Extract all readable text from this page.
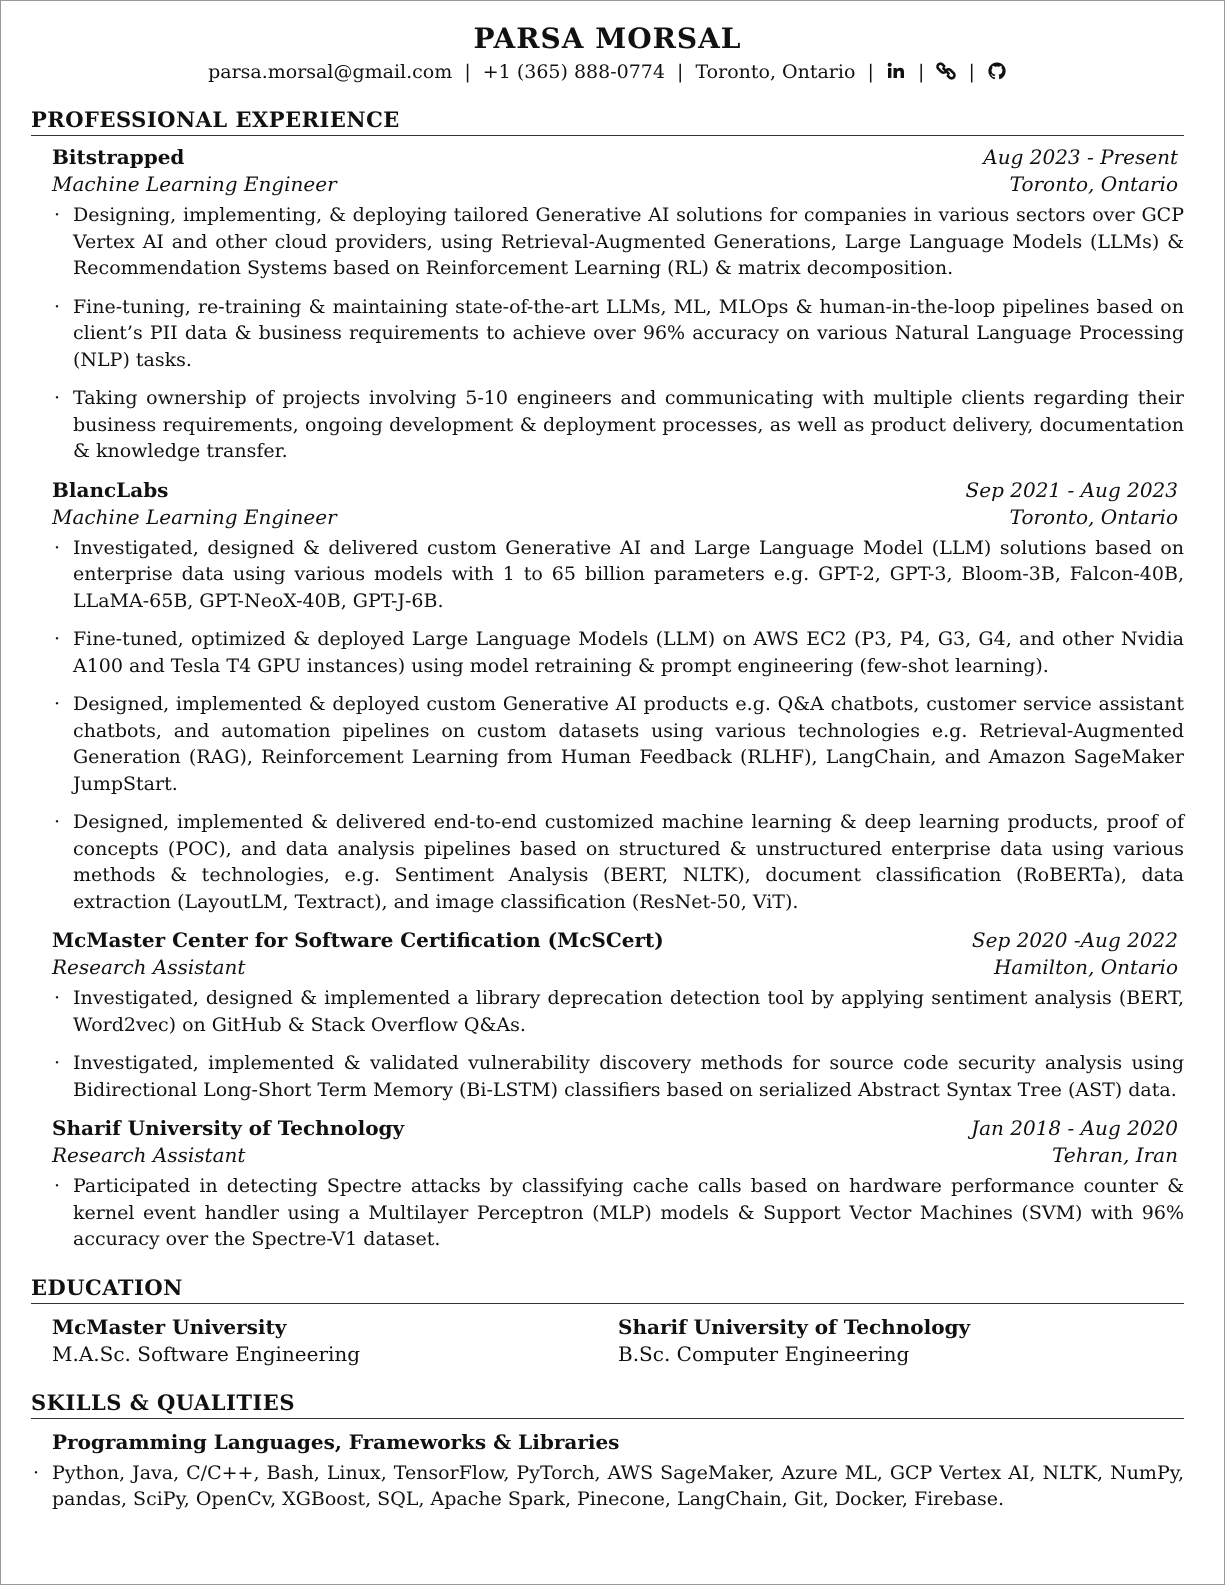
PARSA MORSAL
parsa.morsal@gmail.com | +1 (365) 888-0774 | Toronto, Ontario | | |
PROFESSIONAL EXPERIENCE
Bitstrapped	Aug 2023 - Present
Machine Learning Engineer	Toronto, Ontario
· Designing, implementing, & deploying tailored Generative AI solutions for companies in various sectors over GCP Vertex AI and other cloud providers, using Retrieval-Augmented Generations, Large Language Models (LLMs) & Recommendation Systems based on Reinforcement Learning (RL) & matrix decomposition.
· Fine-tuning, re-training & maintaining state-of-the-art LLMs, ML, MLOps & human-in-the-loop pipelines based on client’s PII data & business requirements to achieve over 96% accuracy on various Natural Language Processing (NLP) tasks.
· Taking ownership of projects involving 5-10 engineers and communicating with multiple clients regarding their business requirements, ongoing development & deployment processes, as well as product delivery, documentation & knowledge transfer.
BlancLabs	Sep 2021 - Aug 2023
Machine Learning Engineer	Toronto, Ontario
· Investigated, designed & delivered custom Generative AI and Large Language Model (LLM) solutions based on enterprise data using various models with 1 to 65 billion parameters e.g. GPT-2, GPT-3, Bloom-3B, Falcon-40B, LLaMA-65B, GPT-NeoX-40B, GPT-J-6B.
· Fine-tuned, optimized & deployed Large Language Models (LLM) on AWS EC2 (P3, P4, G3, G4, and other Nvidia A100 and Tesla T4 GPU instances) using model retraining & prompt engineering (few-shot learning).
· Designed, implemented & deployed custom Generative AI products e.g. Q&A chatbots, customer service assistant chatbots, and automation pipelines on custom datasets using various technologies e.g. Retrieval-Augmented Generation (RAG), Reinforcement Learning from Human Feedback (RLHF), LangChain, and Amazon SageMaker JumpStart.
· Designed, implemented & delivered end-to-end customized machine learning & deep learning products, proof of concepts (POC), and data analysis pipelines based on structured & unstructured enterprise data using various methods & technologies, e.g. Sentiment Analysis (BERT, NLTK), document classification (RoBERTa), data extraction (LayoutLM, Textract), and image classification (ResNet-50, ViT).
McMaster Center for Software Certification (McSCert)	Sep 2020 -Aug 2022
Research Assistant	Hamilton, Ontario
· Investigated, designed & implemented a library deprecation detection tool by applying sentiment analysis (BERT, Word2vec) on GitHub & Stack Overflow Q&As.
· Investigated, implemented & validated vulnerability discovery methods for source code security analysis using Bidirectional Long-Short Term Memory (Bi-LSTM) classifiers based on serialized Abstract Syntax Tree (AST) data.
Sharif University of Technology	Jan 2018 - Aug 2020
Research Assistant	Tehran, Iran
· Participated in detecting Spectre attacks by classifying cache calls based on hardware performance counter & kernel event handler using a Multilayer Perceptron (MLP) models & Support Vector Machines (SVM) with 96% accuracy over the Spectre-V1 dataset.
EDUCATION
McMaster University
M.A.Sc. Software Engineering
Sharif University of Technology
B.Sc. Computer Engineering
SKILLS & QUALITIES
Programming Languages, Frameworks & Libraries
· Python, Java, C/C++, Bash, Linux, TensorFlow, PyTorch, AWS SageMaker, Azure ML, GCP Vertex AI, NLTK, NumPy, pandas, SciPy, OpenCv, XGBoost, SQL, Apache Spark, Pinecone, LangChain, Git, Docker, Firebase.
